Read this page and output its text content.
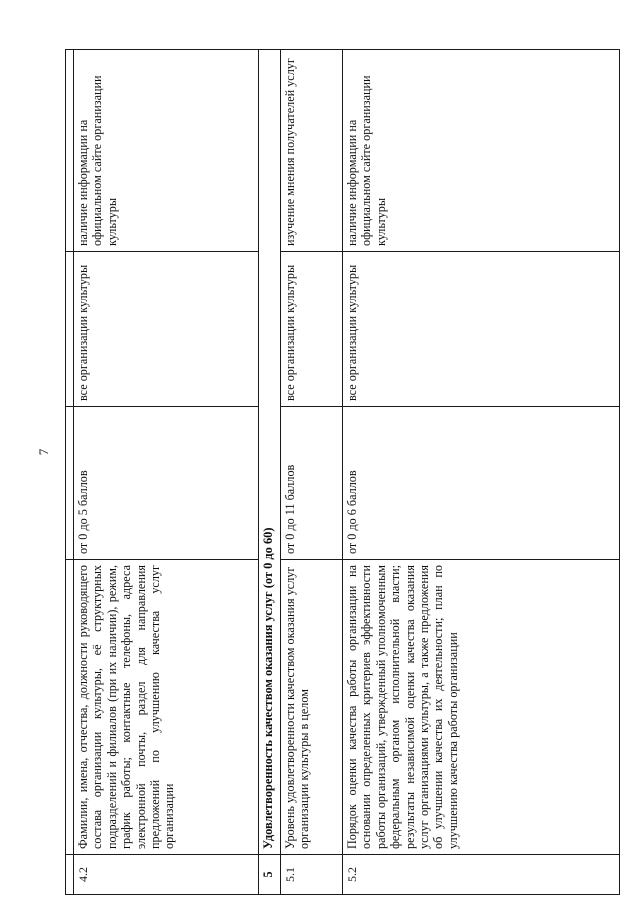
7

4.2	Фамилии, имена, отчества, должности руководящего состава организации культуры, её структурных подразделений и филиалов (при их наличии), режим, график работы; контактные телефоны, адреса электронной почты, раздел для направления предложений по улучшению качества услуг организации	от 0 до 5 баллов	все организации культуры	наличие информации на официальном сайте организации культуры
5	Удовлетворенность качеством оказания услуг (от 0 до 60)			
5.1	Уровень удовлетворенности качеством оказания услуг организации культуры в целом	от 0 до 11 баллов	все организации культуры	изучение мнения получателей услуг
5.2	Порядок оценки качества работы организации на основании определенных критериев эффективности работы организаций, утвержденный уполномоченным федеральным органом исполнительной власти; результаты независимой оценки качества оказания услуг организациями культуры, а также предложения об улучшении качества их деятельности; план по улучшению качества работы организации	от 0 до 6 баллов	все организации культуры	наличие информации на официальном сайте организации культуры
